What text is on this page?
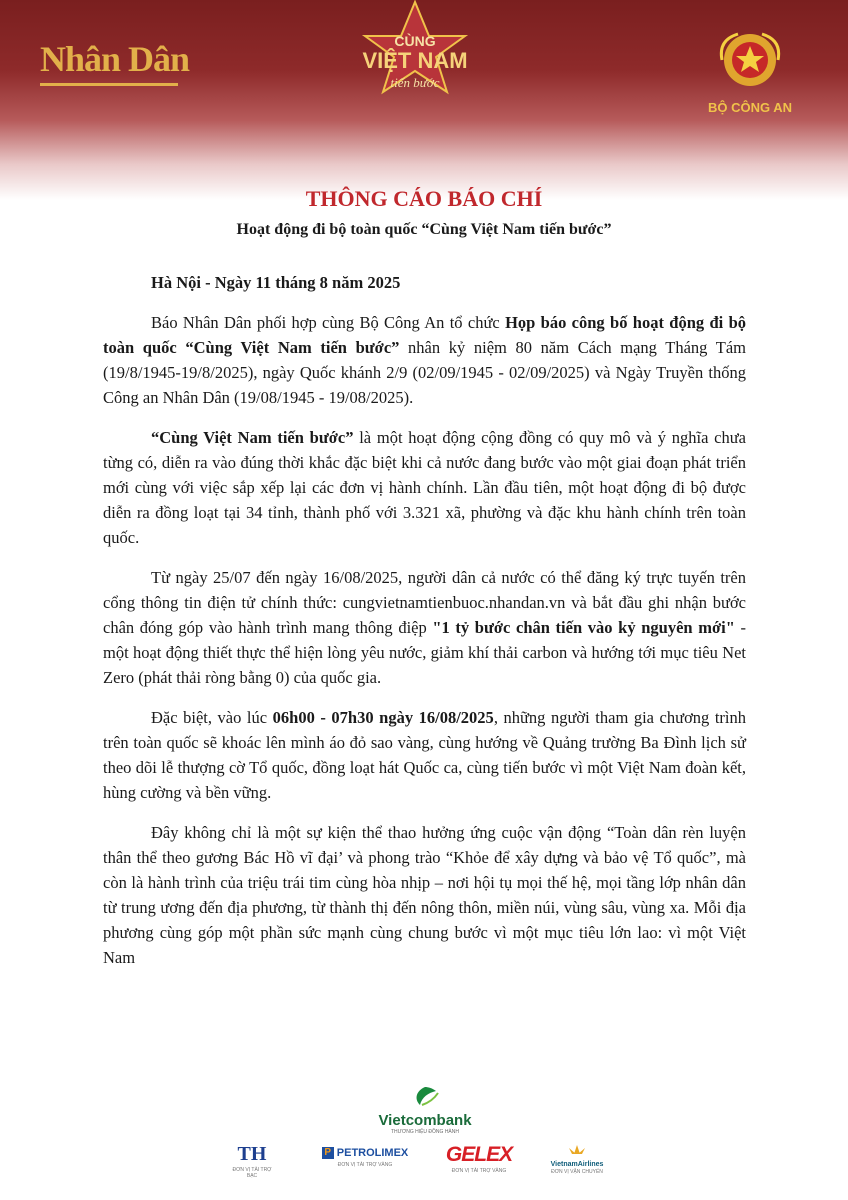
Nhân Dân	CÙNG
VIỆT NAM
tiến bước
BỘ CÔNG AN
THÔNG CÁO BÁO CHÍ
Hoạt động đi bộ toàn quốc “Cùng Việt Nam tiến bước”

Hà Nội - Ngày 11 tháng 8 năm 2025

Báo Nhân Dân phối hợp cùng Bộ Công An tổ chức Họp báo công bố hoạt động đi bộ toàn quốc “Cùng Việt Nam tiến bước” nhân kỷ niệm 80 năm Cách mạng Tháng Tám (19/8/1945-19/8/2025), ngày Quốc khánh 2/9 (02/09/1945 - 02/09/2025) và Ngày Truyền thống Công an Nhân Dân (19/08/1945 - 19/08/2025).

“Cùng Việt Nam tiến bước” là một hoạt động cộng đồng có quy mô và ý nghĩa chưa từng có, diễn ra vào đúng thời khắc đặc biệt khi cả nước đang bước vào một giai đoạn phát triển mới cùng với việc sắp xếp lại các đơn vị hành chính. Lần đầu tiên, một hoạt động đi bộ được diễn ra đồng loạt tại 34 tỉnh, thành phố với 3.321 xã, phường và đặc khu hành chính trên toàn quốc.

Từ ngày 25/07 đến ngày 16/08/2025, người dân cả nước có thể đăng ký trực tuyến trên cổng thông tin điện tử chính thức: cungvietnamtienbuoc.nhandan.vn và bắt đầu ghi nhận bước chân đóng góp vào hành trình mang thông điệp "1 tỷ bước chân tiến vào kỷ nguyên mới" - một hoạt động thiết thực thể hiện lòng yêu nước, giảm khí thải carbon và hướng tới mục tiêu Net Zero (phát thải ròng bằng 0) của quốc gia.

Đặc biệt, vào lúc 06h00 - 07h30 ngày 16/08/2025, những người tham gia chương trình trên toàn quốc sẽ khoác lên mình áo đỏ sao vàng, cùng hướng về Quảng trường Ba Đình lịch sử theo dõi lễ thượng cờ Tổ quốc, đồng loạt hát Quốc ca, cùng tiến bước vì một Việt Nam đoàn kết, hùng cường và bền vững.

Đây không chỉ là một sự kiện thể thao hưởng ứng cuộc vận động “Toàn dân rèn luyện thân thể theo gương Bác Hồ vĩ đại’ và phong trào “Khỏe để xây dựng và bảo vệ Tổ quốc”, mà còn là hành trình của triệu trái tim cùng hòa nhịp – nơi hội tụ mọi thế hệ, mọi tầng lớp nhân dân từ trung ương đến địa phương, từ thành thị đến nông thôn, miền núi, vùng sâu, vùng xa. Mỗi địa phương cùng góp một phần sức mạnh cùng chung bước vì một mục tiêu lớn lao: vì một Việt Nam

Vietcombank
THƯƠNG HIỆU ĐỒNG HÀNH
TH
ĐƠN VỊ TÀI TRỢ BẠC
P PETROLIMEX
ĐƠN VỊ TÀI TRỢ VÀNG	GELEX
ĐƠN VỊ TÀI TRỢ VÀNG
VietnamAirlines
ĐƠN VỊ VẬN CHUYỂN
